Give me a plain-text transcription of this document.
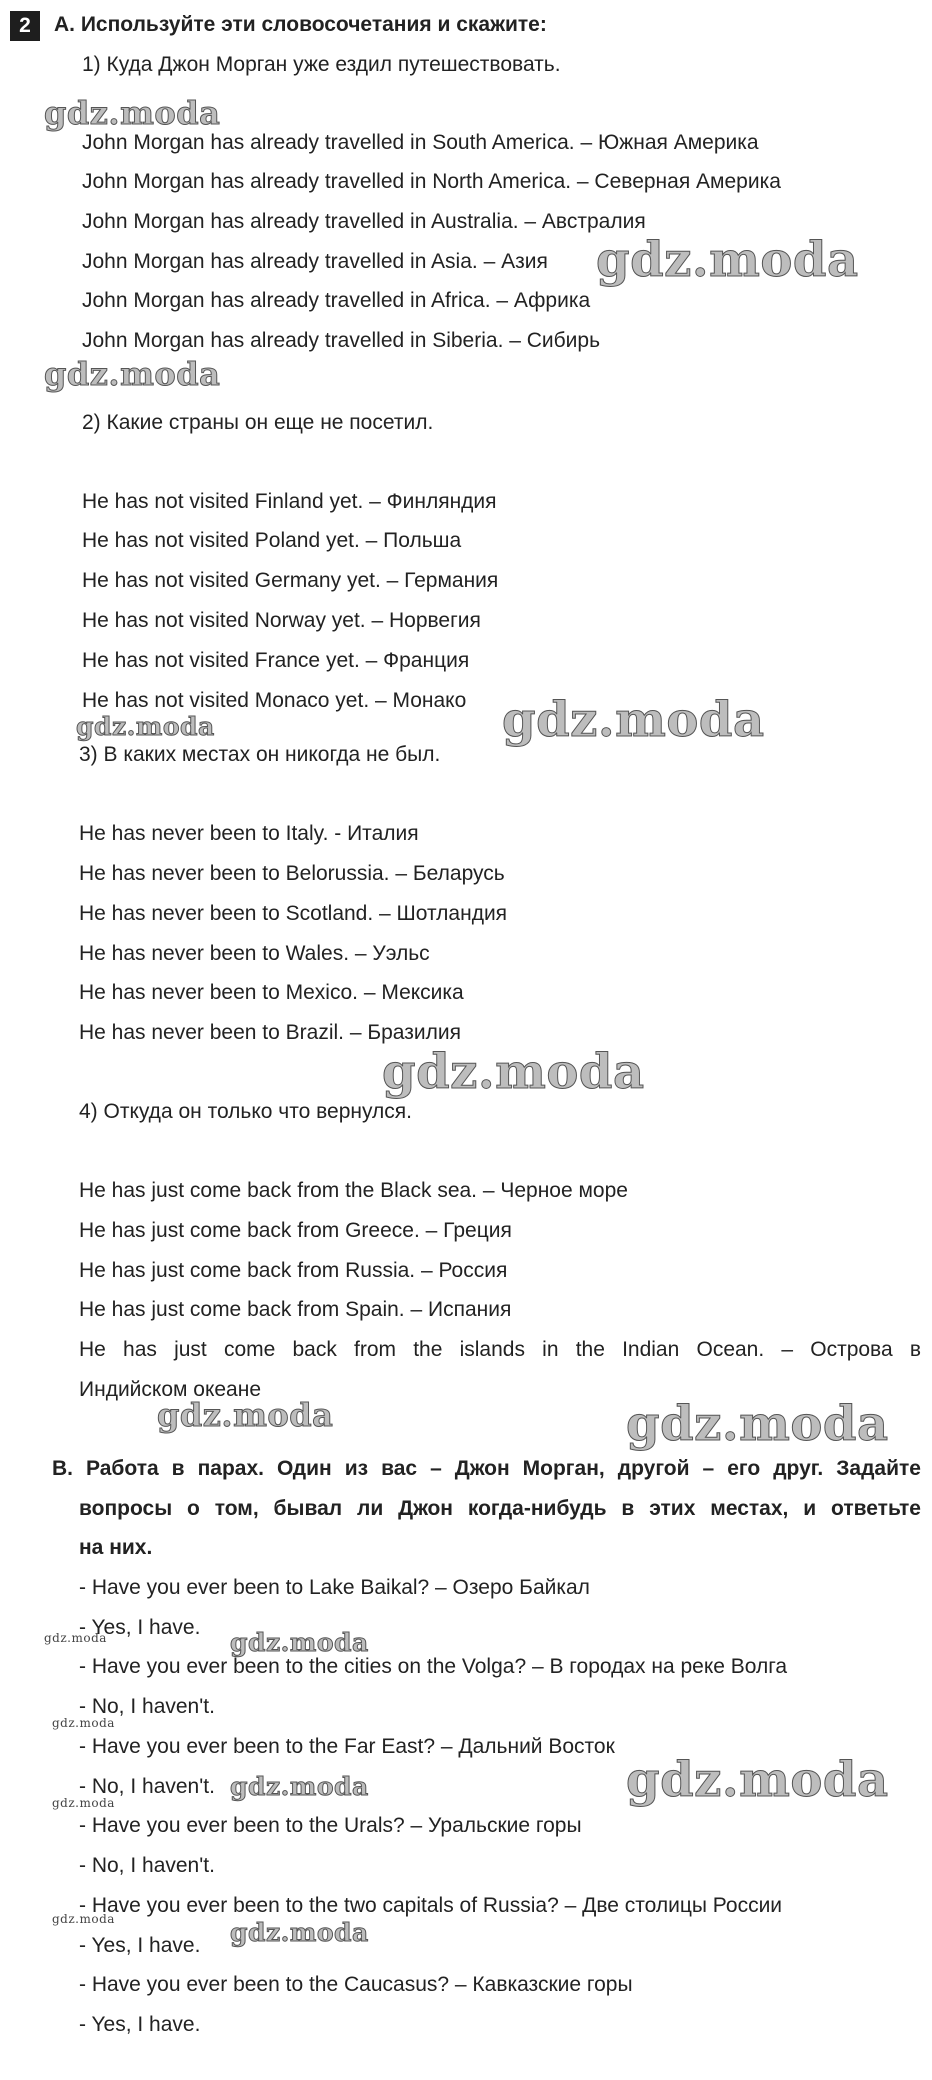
2	A. Используйте эти словосочетания и скажите:
1) Куда Джон Морган уже ездил путешествовать.
John Morgan has already travelled in South America. – Южная Америка
John Morgan has already travelled in North America. – Северная Америка
John Morgan has already travelled in Australia. – Австралия
John Morgan has already travelled in Asia. – Азия
John Morgan has already travelled in Africa. – Африка
John Morgan has already travelled in Siberia. – Сибирь
2) Какие страны он еще не посетил.
He has not visited Finland yet. – Финляндия
He has not visited Poland yet. – Польша
He has not visited Germany yet. – Германия
He has not visited Norway yet. – Норвегия
He has not visited France yet. – Франция
He has not visited Monaco yet. – Монако
3) В каких местах он никогда не был.
He has never been to Italy. - Италия
He has never been to Belorussia. – Беларусь
He has never been to Scotland. – Шотландия
He has never been to Wales. – Уэльс
He has never been to Mexico. – Мексика
He has never been to Brazil. – Бразилия
4) Откуда он только что вернулся.
He has just come back from the Black sea. – Черное море
He has just come back from Greece. – Греция
He has just come back from Russia. – Россия
He has just come back from Spain. – Испания
He has just come back from the islands in the Indian Ocean. – Острова в
Индийском океане
B. Работа в парах. Один из вас – Джон Морган, другой – его друг. Задайте
вопросы о том, бывал ли Джон когда-нибудь в этих местах, и ответьте
на них.
- Have you ever been to Lake Baikal? – Озеро Байкал
- Yes, I have.
- Have you ever been to the cities on the Volga? – В городах на реке Волга
- No, I haven't.
- Have you ever been to the Far East? – Дальний Восток
- No, I haven't.
- Have you ever been to the Urals? – Уральские горы
- No, I haven't.
- Have you ever been to the two capitals of Russia? – Две столицы России
- Yes, I have.
- Have you ever been to the Caucasus? – Кавказские горы
- Yes, I have.
gdz.moda
gdz.moda
gdz.moda
gdz.moda	gdz.moda
gdz.moda
gdz.moda	gdz.moda
gdz.moda	gdz.moda
gdz.moda
gdz.moda	gdz.moda
gdz.moda
gdz.moda	gdz.moda
